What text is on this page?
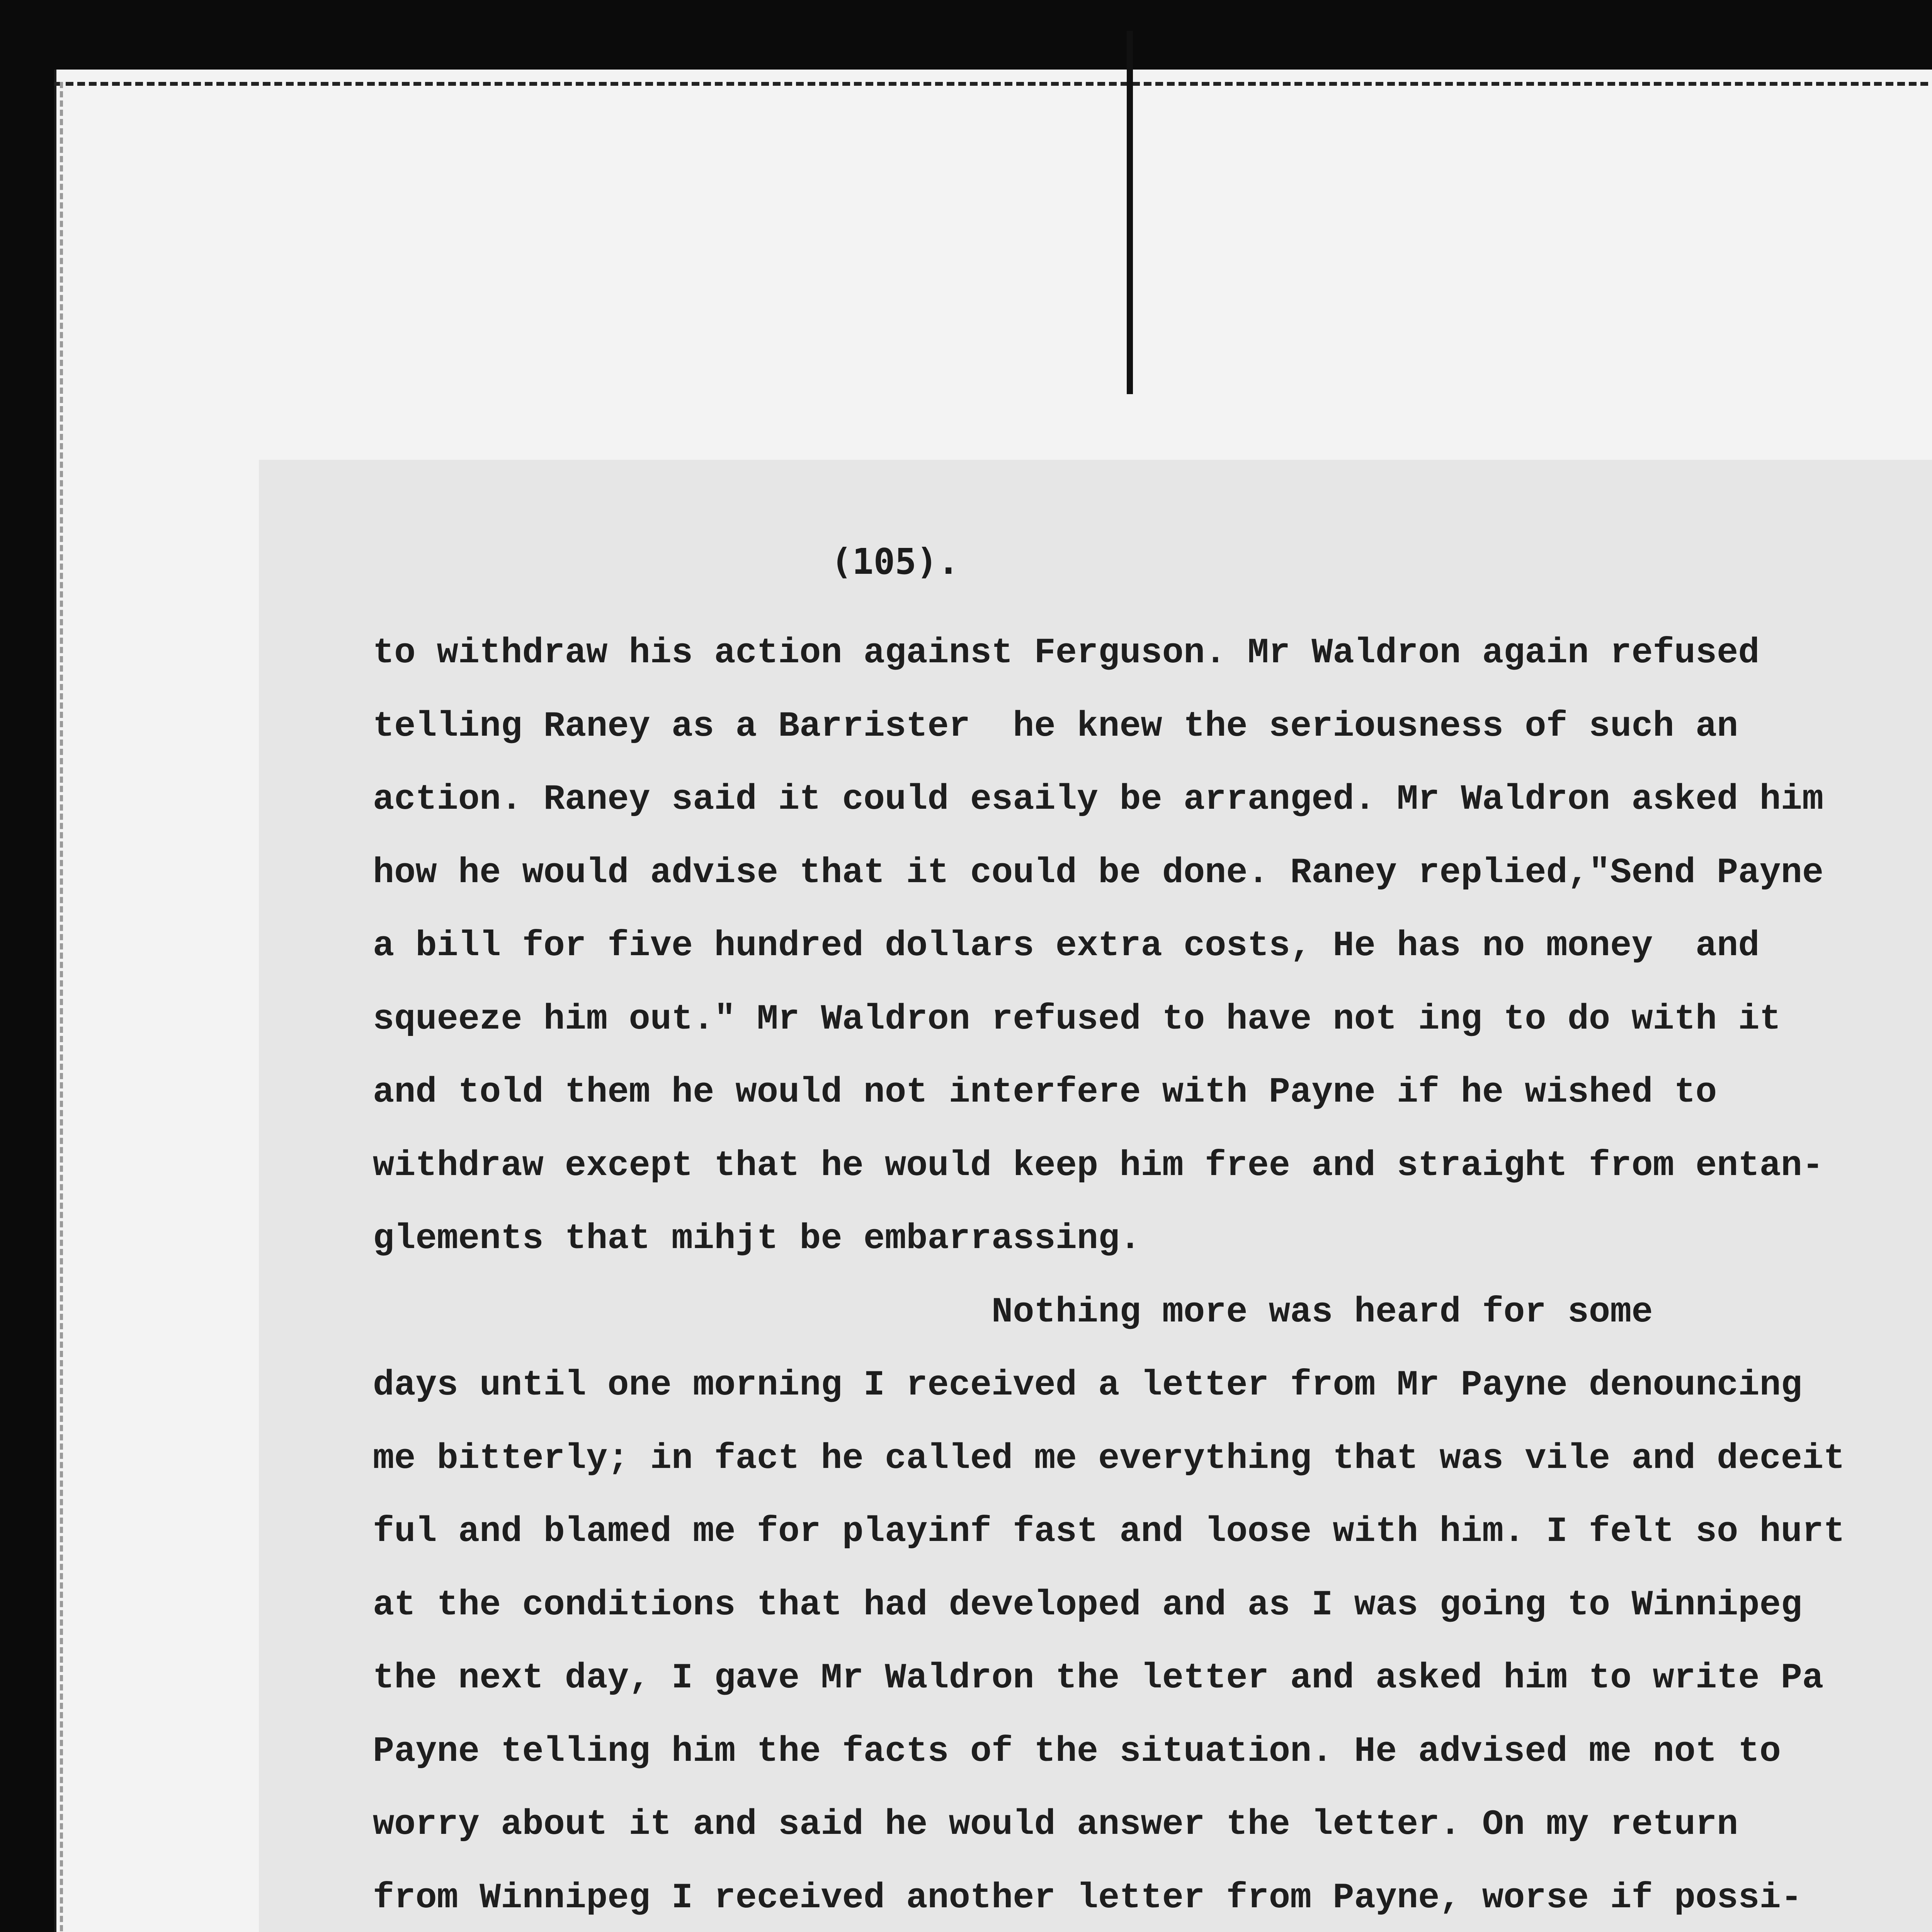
(105).
to withdraw his action against Ferguson. Mr Waldron again refused
telling Raney as a Barrister  he knew the seriousness of such an
action. Raney said it could esaily be arranged. Mr Waldron asked him
how he would advise that it could be done. Raney replied,"Send Payne
a bill for five hundred dollars extra costs, He has no money  and
squeeze him out." Mr Waldron refused to have not ing to do with it
and told them he would not interfere with Payne if he wished to
withdraw except that he would keep him free and straight from entan-
glements that mihjt be embarrassing.
Nothing more was heard for some
days until one morning I received a letter from Mr Payne denouncing
me bitterly; in fact he called me everything that was vile and deceit
ful and blamed me for playinf fast and loose with him. I felt so hurt
at the conditions that had developed and as I was going to Winnipeg
the next day, I gave Mr Waldron the letter and asked him to write Pa
Payne telling him the facts of the situation. He advised me not to
worry about it and said he would answer the letter. On my return
from Winnipeg I received another letter from Payne, worse if possi-
